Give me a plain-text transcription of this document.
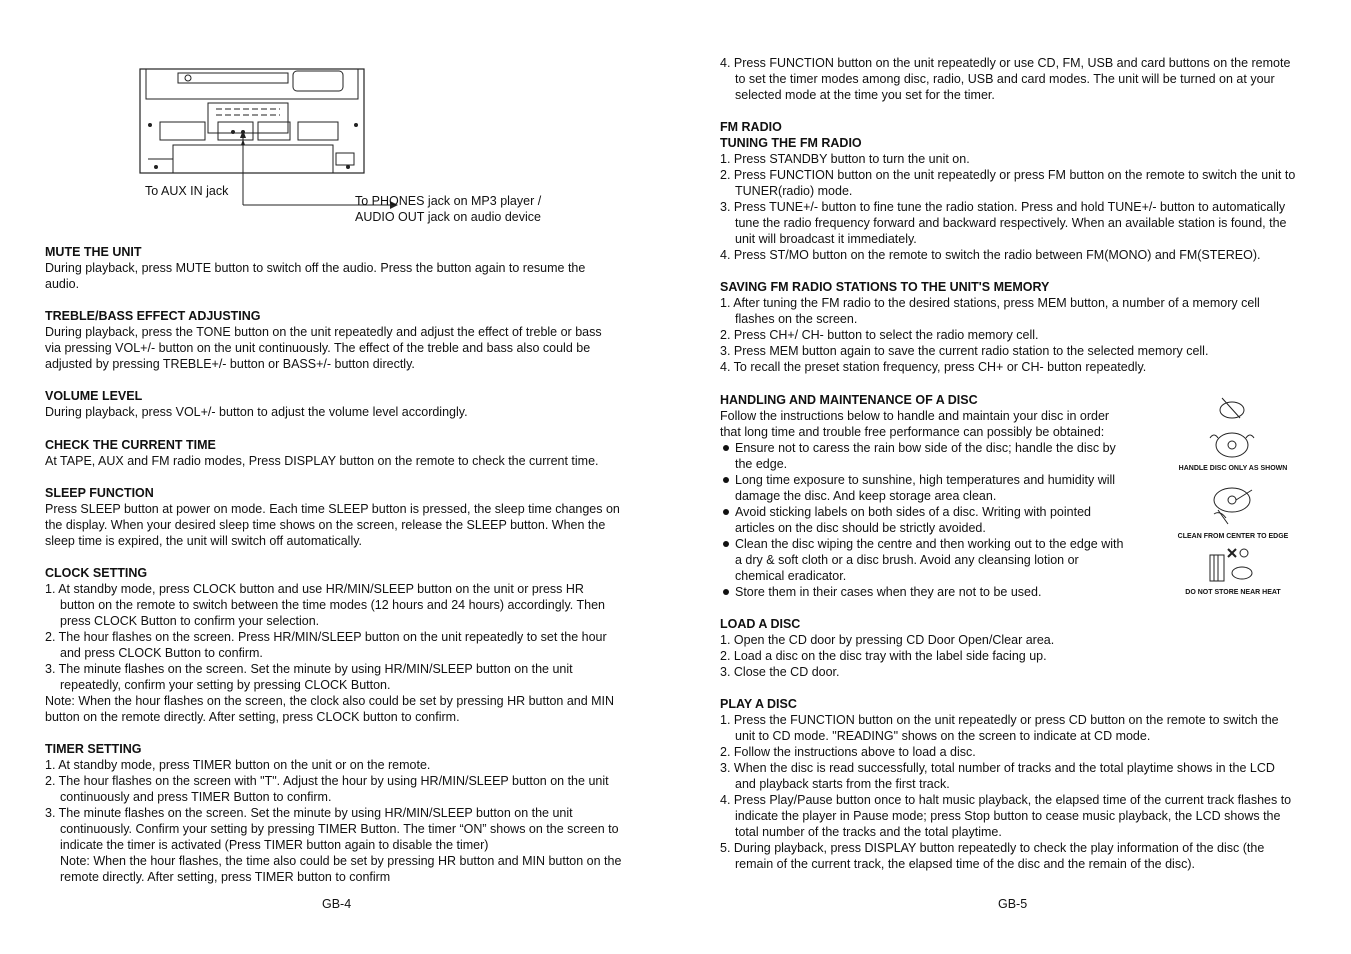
To AUX IN jack
To PHONES jack on MP3 player /
AUDIO OUT jack on audio device
MUTE THE UNIT
During playback, press MUTE button to switch off the audio. Press the button again to resume the
audio.
TREBLE/BASS EFFECT ADJUSTING
During playback, press the TONE button on the unit repeatedly and adjust the effect of treble or bass
via pressing VOL+/- button on the unit continuously. The effect of the treble and bass also could be
adjusted by pressing TREBLE+/- button or BASS+/- button directly.
VOLUME LEVEL
During playback, press VOL+/- button to adjust the volume level accordingly.
CHECK THE CURRENT TIME
At TAPE, AUX and FM radio modes, Press DISPLAY button on the remote to check the current time.
SLEEP FUNCTION
Press SLEEP button at power on mode. Each time SLEEP button is pressed, the sleep time changes on
the display. When your desired sleep time shows on the screen, release the SLEEP button. When the
sleep time is expired, the unit will switch off automatically.
CLOCK SETTING
1. At standby mode, press CLOCK button and use HR/MIN/SLEEP button on the unit or press HR
button on the remote to switch between the time modes (12 hours and 24 hours) accordingly. Then
press CLOCK Button to confirm your selection.
2. The hour flashes on the screen. Press HR/MIN/SLEEP button on the unit repeatedly to set the hour
and press CLOCK Button to confirm.
3. The minute flashes on the screen. Set the minute by using HR/MIN/SLEEP button on the unit
repeatedly, confirm your setting by pressing CLOCK Button.
Note: When the hour flashes on the screen, the clock also could be set by pressing HR button and MIN
button on the remote directly. After setting, press CLOCK button to confirm.
TIMER SETTING
1. At standby mode, press TIMER button on the unit or on the remote.
2. The hour flashes on the screen with "T". Adjust the hour by using HR/MIN/SLEEP button on the unit
continuously and press TIMER Button to confirm.
3. The minute flashes on the screen. Set the minute by using HR/MIN/SLEEP button on the unit
continuously. Confirm your setting by pressing TIMER Button. The timer “ON” shows on the screen to
indicate the timer is activated (Press TIMER button again to disable the timer)
Note: When the hour flashes, the time also could be set by pressing HR button and MIN button on the
remote directly. After setting, press TIMER button to confirm
GB-4
4. Press FUNCTION button on the unit repeatedly or use CD, FM, USB and card buttons on the remote
to set the timer modes among disc, radio, USB and card modes. The unit will be turned on at your
selected mode at the time you set for the timer.
FM RADIO
TUNING THE FM RADIO
1. Press STANDBY button to turn the unit on.
2. Press FUNCTION button on the unit repeatedly or press FM button on the remote to switch the unit to
TUNER(radio) mode.
3. Press TUNE+/- button to fine tune the radio station. Press and hold TUNE+/- button to automatically
tune the radio frequency forward and backward respectively. When an available station is found, the
unit will broadcast it immediately.
4. Press ST/MO button on the remote to switch the radio between FM(MONO) and FM(STEREO).
SAVING FM RADIO STATIONS TO THE UNIT'S MEMORY
1. After tuning the FM radio to the desired stations, press MEM button, a number of a memory cell
flashes on the screen.
2. Press CH+/ CH- button to select the radio memory cell.
3. Press MEM button again to save the current radio station to the selected memory cell.
4. To recall the preset station frequency, press CH+ or CH- button repeatedly.
HANDLING AND MAINTENANCE OF A DISC
Follow the instructions below to handle and maintain your disc in order
that long time and trouble free performance can possibly be obtained:
Ensure not to caress the rain bow side of the disc; handle the disc by
the edge.
Long time exposure to sunshine, high temperatures and humidity will
damage the disc. And keep storage area clean.
Avoid sticking labels on both sides of a disc. Writing with pointed
articles on the disc should be strictly avoided.
Clean the disc wiping the centre and then working out to the edge with
a dry & soft cloth or a disc brush. Avoid any cleansing lotion or
chemical eradicator.
Store them in their cases when they are not to be used.
HANDLE DISC ONLY AS SHOWN
CLEAN FROM CENTER TO EDGE
DO NOT STORE NEAR HEAT
LOAD A DISC
1. Open the CD door by pressing CD Door Open/Clear area.
2. Load a disc on the disc tray with the label side facing up.
3. Close the CD door.
PLAY A DISC
1. Press the FUNCTION button on the unit repeatedly or press CD button on the remote to switch the
unit to CD mode. "READING" shows on the screen to indicate at CD mode.
2. Follow the instructions above to load a disc.
3. When the disc is read successfully, total number of tracks and the total playtime shows in the LCD
and playback starts from the first track.
4. Press Play/Pause button once to halt music playback, the elapsed time of the current track flashes to
indicate the player in Pause mode; press Stop button to cease music playback, the LCD shows the
total number of the tracks and the total playtime.
5. During playback, press DISPLAY button repeatedly to check the play information of the disc (the
remain of the current track, the elapsed time of the disc and the remain of the disc).
GB-5
